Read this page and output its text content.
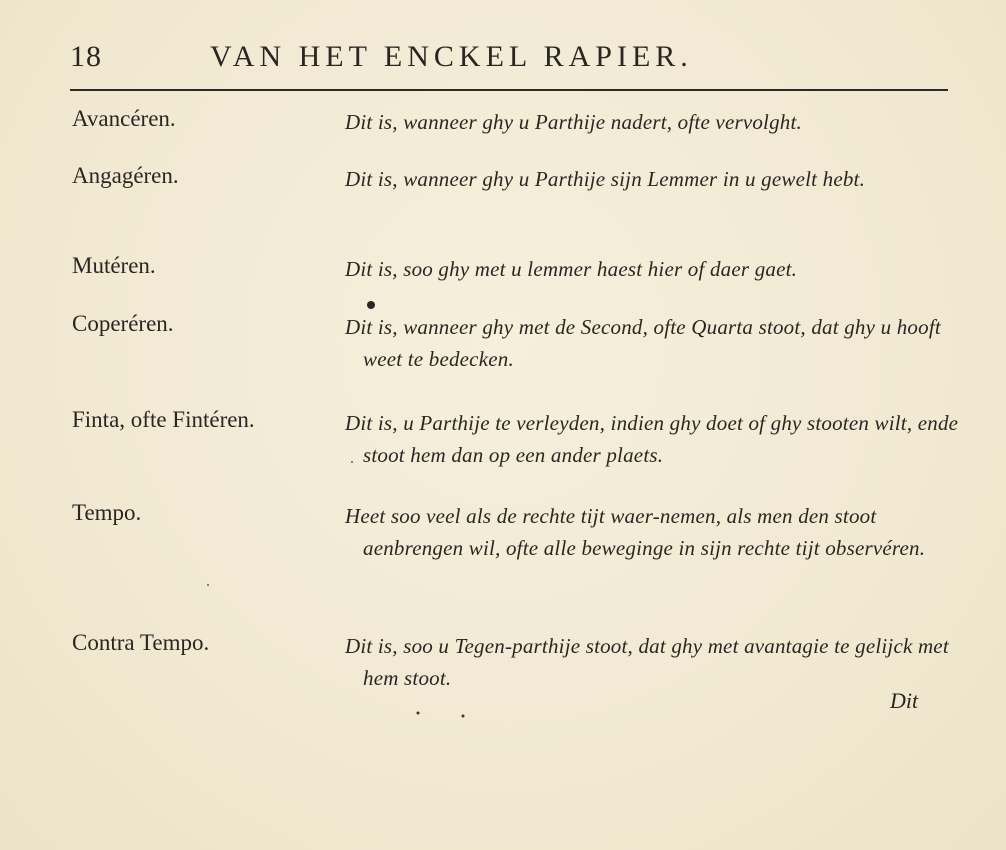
18	VAN HET ENCKEL RAPIER.
Avancéren.	Dit is, wanneer ghy u Parthije nadert, ofte vervolght.
Angagéren.	Dit is, wanneer ghy u Parthije sijn Lemmer in u gewelt hebt.
Mutéren.	Dit is, soo ghy met u lemmer haest hier of daer gaet.
Coperéren.	Dit is, wanneer ghy met de Second, ofte Quarta stoot, dat ghy u hooft weet te bedecken.
Finta, ofte Fintéren.	Dit is, u Parthije te verleyden, indien ghy doet of ghy stooten wilt, ende stoot hem dan op een ander plaets.
Tempo.	Heet soo veel als de rechte tijt waer-nemen, als men den stoot aenbrengen wil, ofte alle beweginge in sijn rechte tijt observéren.
Contra Tempo.	Dit is, soo u Tegen-parthije stoot, dat ghy met avantagie te gelijck met hem stoot.
Dit
